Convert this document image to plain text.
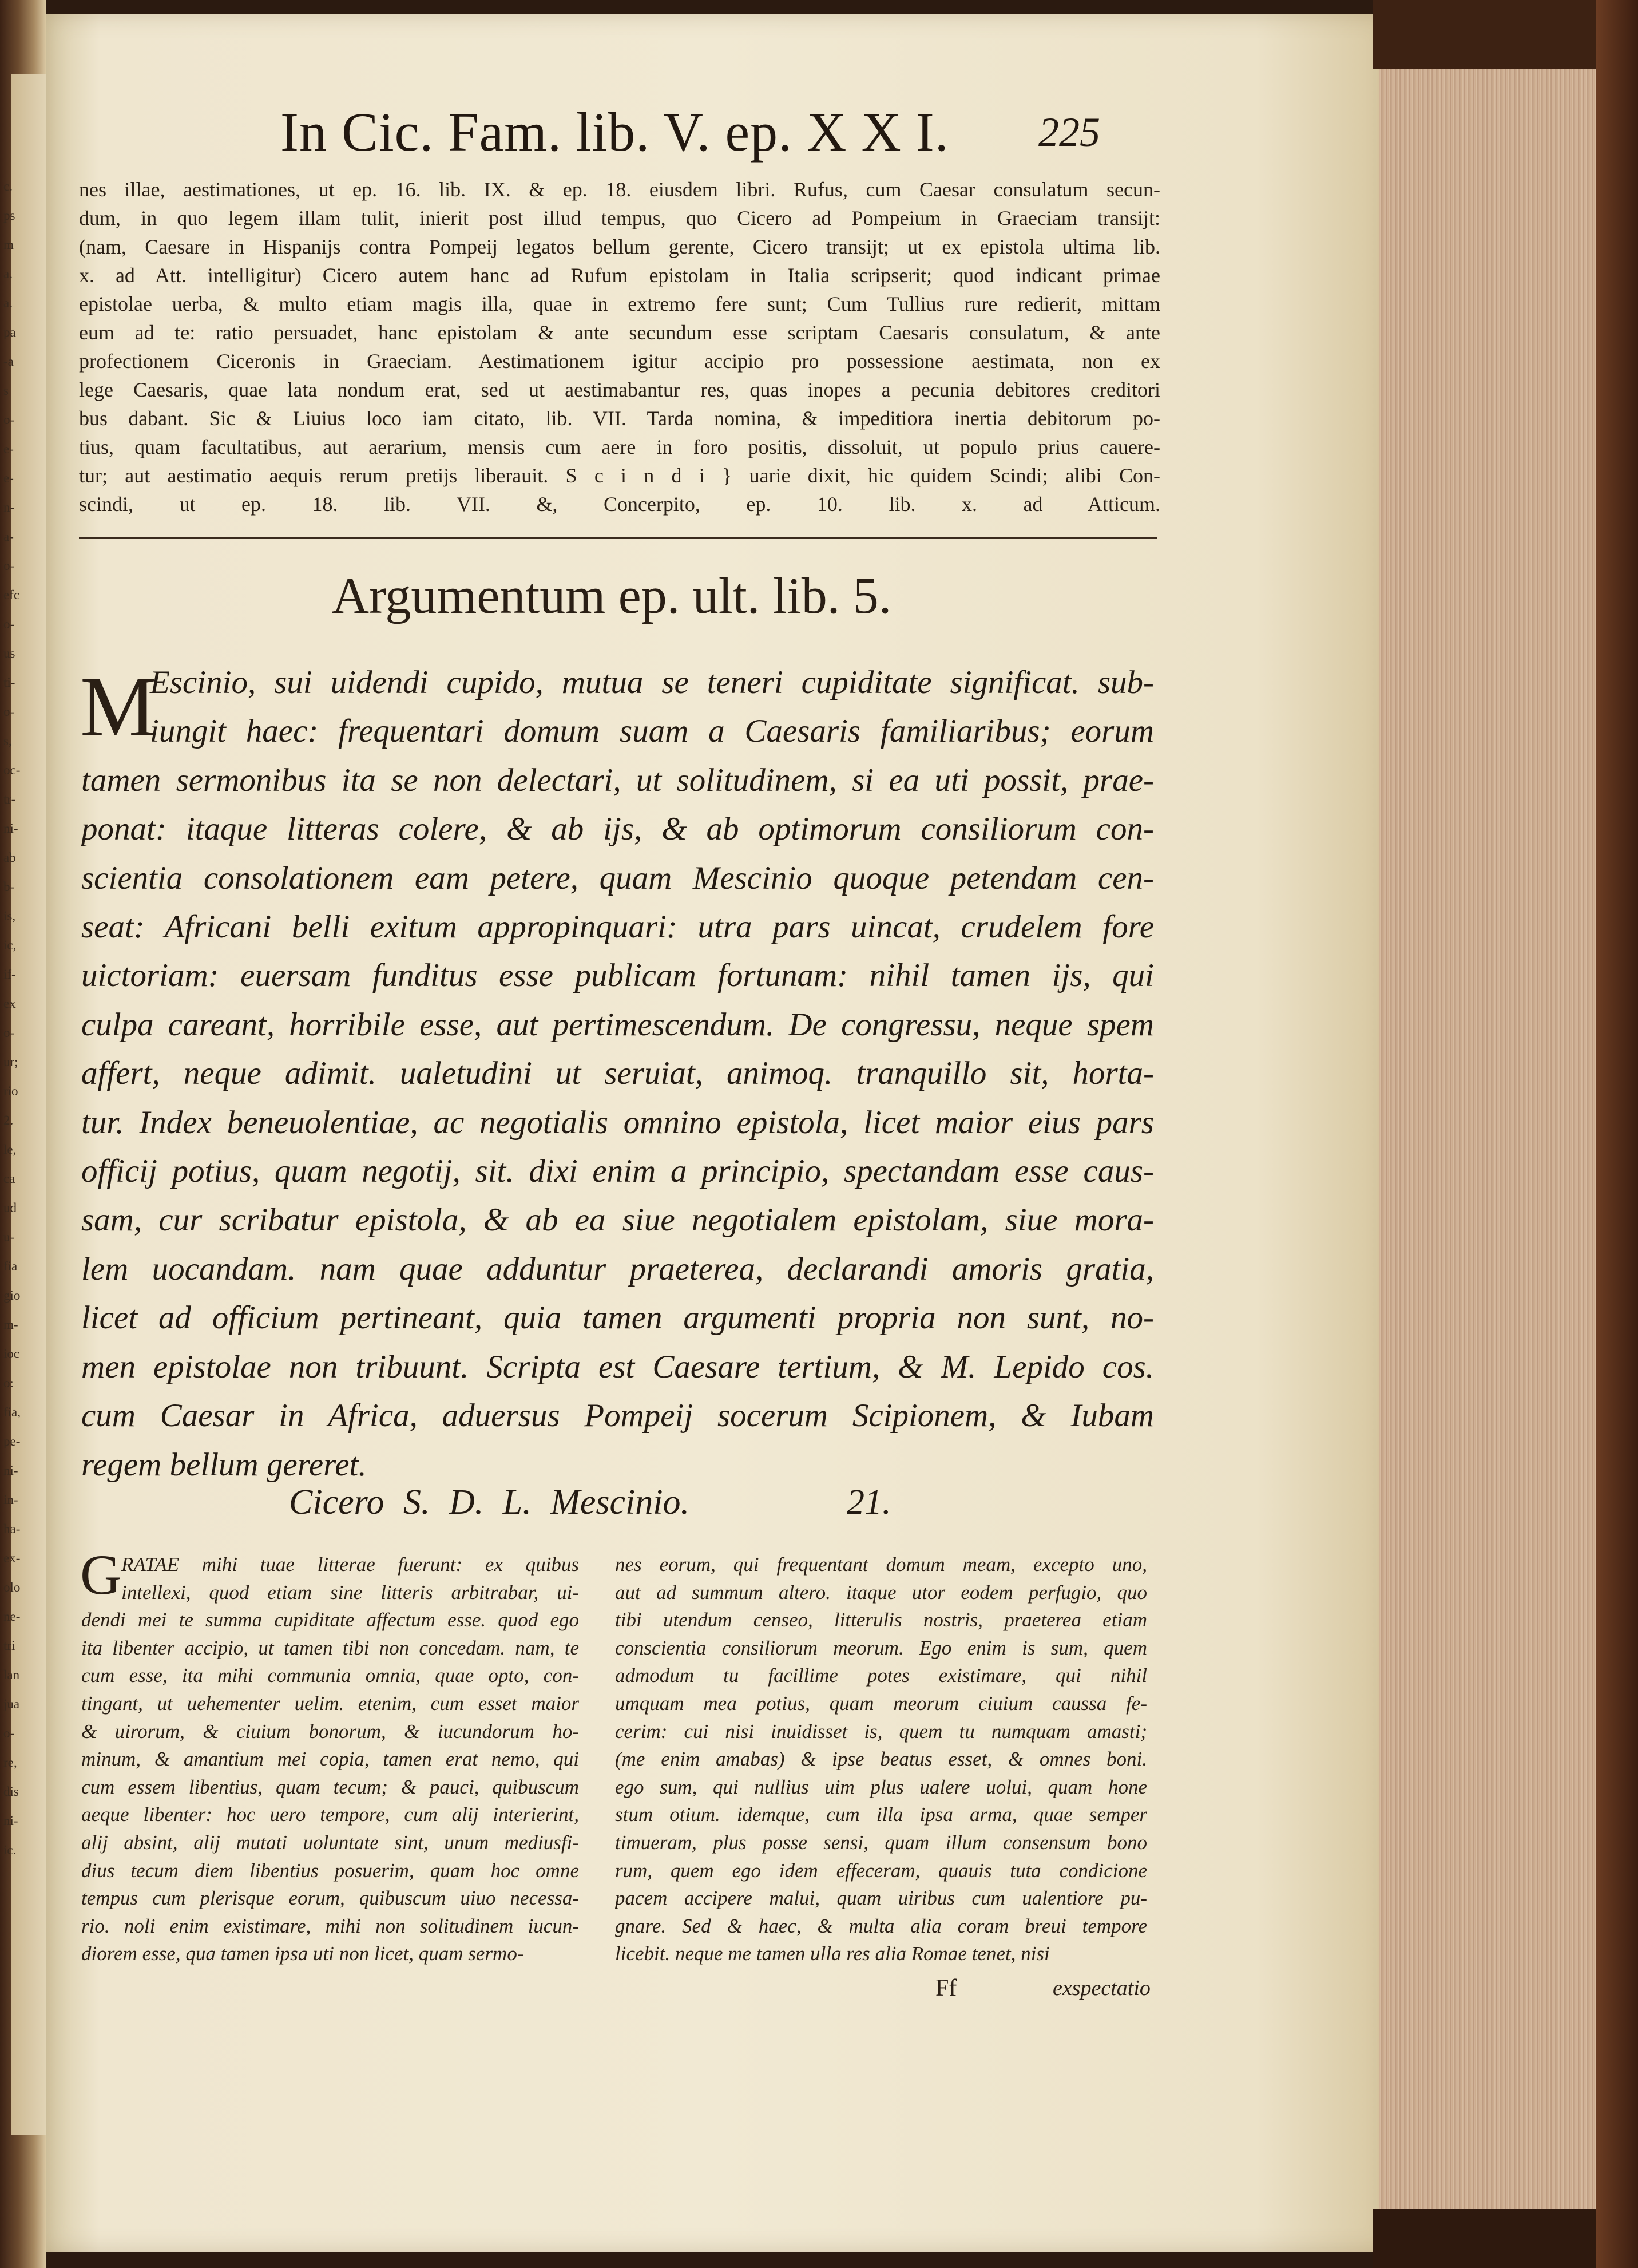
c.
ps
m
a.
a.
pa
-a
s
o-
e-
e-
n-
a-
o-
efc
o-
us
ti-
o-
s,
oc-
tr-
ni-
ab
b-
is,
ic,
if-
ex
o-
ur;
rio
2.
le,
ca
ud
u-
fia
gio
m-
ioc
o:
fia,
pe-
ni-
in-
ha-
ex-
olo
ne-
tri
lan
jua
o-
re,
dis
ni-
ic.
In Cic. Fam. lib. V. ep. X X I. 225
nes illae, aestimationes, ut ep. 16. lib. IX. & ep. 18. eiusdem libri. Rufus, cum Caesar consulatum secun-
dum, in quo legem illam tulit, inierit post illud tempus, quo Cicero ad Pompeium in Graeciam transijt:
(nam, Caesare in Hispanijs contra Pompeij legatos bellum gerente, Cicero transijt; ut ex epistola ultima lib.
x. ad Att. intelligitur) Cicero autem hanc ad Rufum epistolam in Italia scripserit; quod indicant primae
epistolae uerba, & multo etiam magis illa, quae in extremo fere sunt; Cum Tullius rure redierit, mittam
eum ad te: ratio persuadet, hanc epistolam & ante secundum esse scriptam Caesaris consulatum, & ante
profectionem Ciceronis in Graeciam. Aestimationem igitur accipio pro possessione aestimata, non ex
lege Caesaris, quae lata nondum erat, sed ut aestimabantur res, quas inopes a pecunia debitores creditori
bus dabant. Sic & Liuius loco iam citato, lib. VII. Tarda nomina, & impeditiora inertia debitorum po-
tius, quam facultatibus, aut aerarium, mensis cum aere in foro positis, dissoluit, ut populo prius cauere-
tur; aut aestimatio aequis rerum pretijs liberauit. S c i n d i } uarie dixit, hic quidem Scindi; alibi Con-
scindi, ut ep. 18. lib. VII. &, Concerpito, ep. 10. lib. x. ad Atticum.
Argumentum ep. ult. lib. 5.
M
Escinio, sui uidendi cupido, mutua se teneri cupiditate significat. sub-
iungit haec: frequentari domum suam a Caesaris familiaribus; eorum
tamen sermonibus ita se non delectari, ut solitudinem, si ea uti possit, prae-
ponat: itaque litteras colere, & ab ijs, & ab optimorum consiliorum con-
scientia consolationem eam petere, quam Mescinio quoque petendam cen-
seat: Africani belli exitum appropinquari: utra pars uincat, crudelem fore
uictoriam: euersam funditus esse publicam fortunam: nihil tamen ijs, qui
culpa careant, horribile esse, aut pertimescendum. De congressu, neque spem
affert, neque adimit. ualetudini ut seruiat, animoq. tranquillo sit, horta-
tur. Index beneuolentiae, ac negotialis omnino epistola, licet maior eius pars
officij potius, quam negotij, sit. dixi enim a principio, spectandam esse caus-
sam, cur scribatur epistola, & ab ea siue negotialem epistolam, siue mora-
lem uocandam. nam quae adduntur praeterea, declarandi amoris gratia,
licet ad officium pertineant, quia tamen argumenti propria non sunt, no-
men epistolae non tribuunt. Scripta est Caesare tertium, & M. Lepido cos.
cum Caesar in Africa, aduersus Pompeij socerum Scipionem, & Iubam
regem bellum gereret.
Cicero S. D. L. Mescinio.	21.
G RATAE mihi tuae litterae fuerunt: ex quibus
intellexi, quod etiam sine litteris arbitrabar, ui-
dendi mei te summa cupiditate affectum esse. quod ego
ita libenter accipio, ut tamen tibi non concedam. nam, te
cum esse, ita mihi communia omnia, quae opto, con-
tingant, ut uehementer uelim. etenim, cum esset maior
& uirorum, & ciuium bonorum, & iucundorum ho-
minum, & amantium mei copia, tamen erat nemo, qui
cum essem libentius, quam tecum; & pauci, quibuscum
aeque libenter: hoc uero tempore, cum alij interierint,
alij absint, alij mutati uoluntate sint, unum mediusfi-
dius tecum diem libentius posuerim, quam hoc omne
tempus cum plerisque eorum, quibuscum uiuo necessa-
rio. noli enim existimare, mihi non solitudinem iucun-
diorem esse, qua tamen ipsa uti non licet, quam sermo-
nes eorum, qui frequentant domum meam, excepto uno,
aut ad summum altero. itaque utor eodem perfugio, quo
tibi utendum censeo, litterulis nostris, praeterea etiam
conscientia consiliorum meorum. Ego enim is sum, quem
admodum tu facillime potes existimare, qui nihil
umquam mea potius, quam meorum ciuium caussa fe-
cerim: cui nisi inuidisset is, quem tu numquam amasti;
(me enim amabas) & ipse beatus esset, & omnes boni.
ego sum, qui nullius uim plus ualere uolui, quam hone
stum otium. idemque, cum illa ipsa arma, quae semper
timueram, plus posse sensi, quam illum consensum bono
rum, quem ego idem effeceram, quauis tuta condicione
pacem accipere malui, quam uiribus cum ualentiore pu-
gnare. Sed & haec, & multa alia coram breui tempore
licebit. neque me tamen ulla res alia Romae tenet, nisi
Ff	exspectatio
